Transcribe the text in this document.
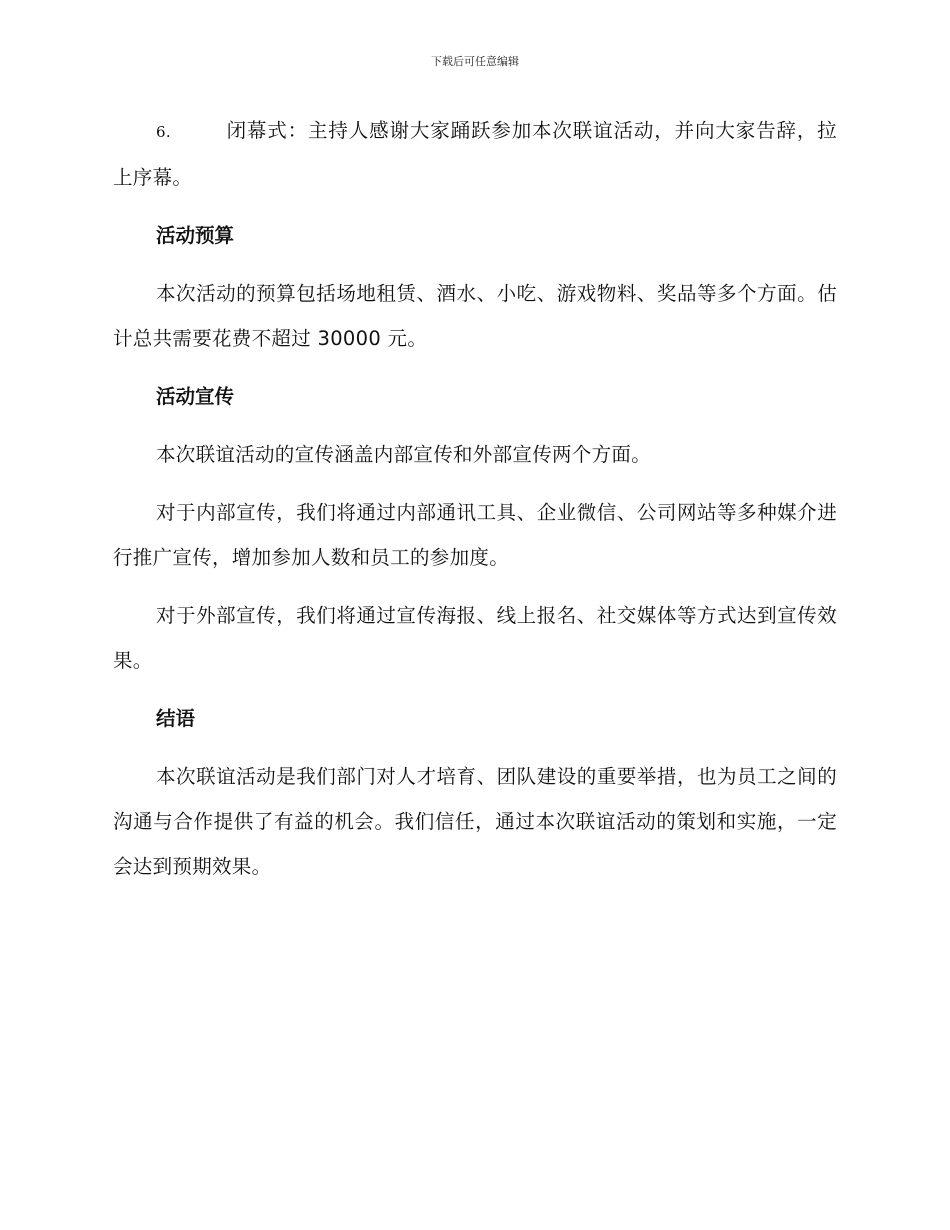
下载后可任意编辑

6.	闭幕式：主持人感谢大家踊跃参加本次联谊活动，并向大家告辞，拉上序幕。

活动预算

本次活动的预算包括场地租赁、酒水、小吃、游戏物料、奖品等多个方面。估计总共需要花费不超过 30000 元。

活动宣传

本次联谊活动的宣传涵盖内部宣传和外部宣传两个方面。

对于内部宣传，我们将通过内部通讯工具、企业微信、公司网站等多种媒介进行推广宣传，增加参加人数和员工的参加度。

对于外部宣传，我们将通过宣传海报、线上报名、社交媒体等方式达到宣传效果。

结语

本次联谊活动是我们部门对人才培育、团队建设的重要举措，也为员工之间的沟通与合作提供了有益的机会。我们信任，通过本次联谊活动的策划和实施，一定会达到预期效果。
